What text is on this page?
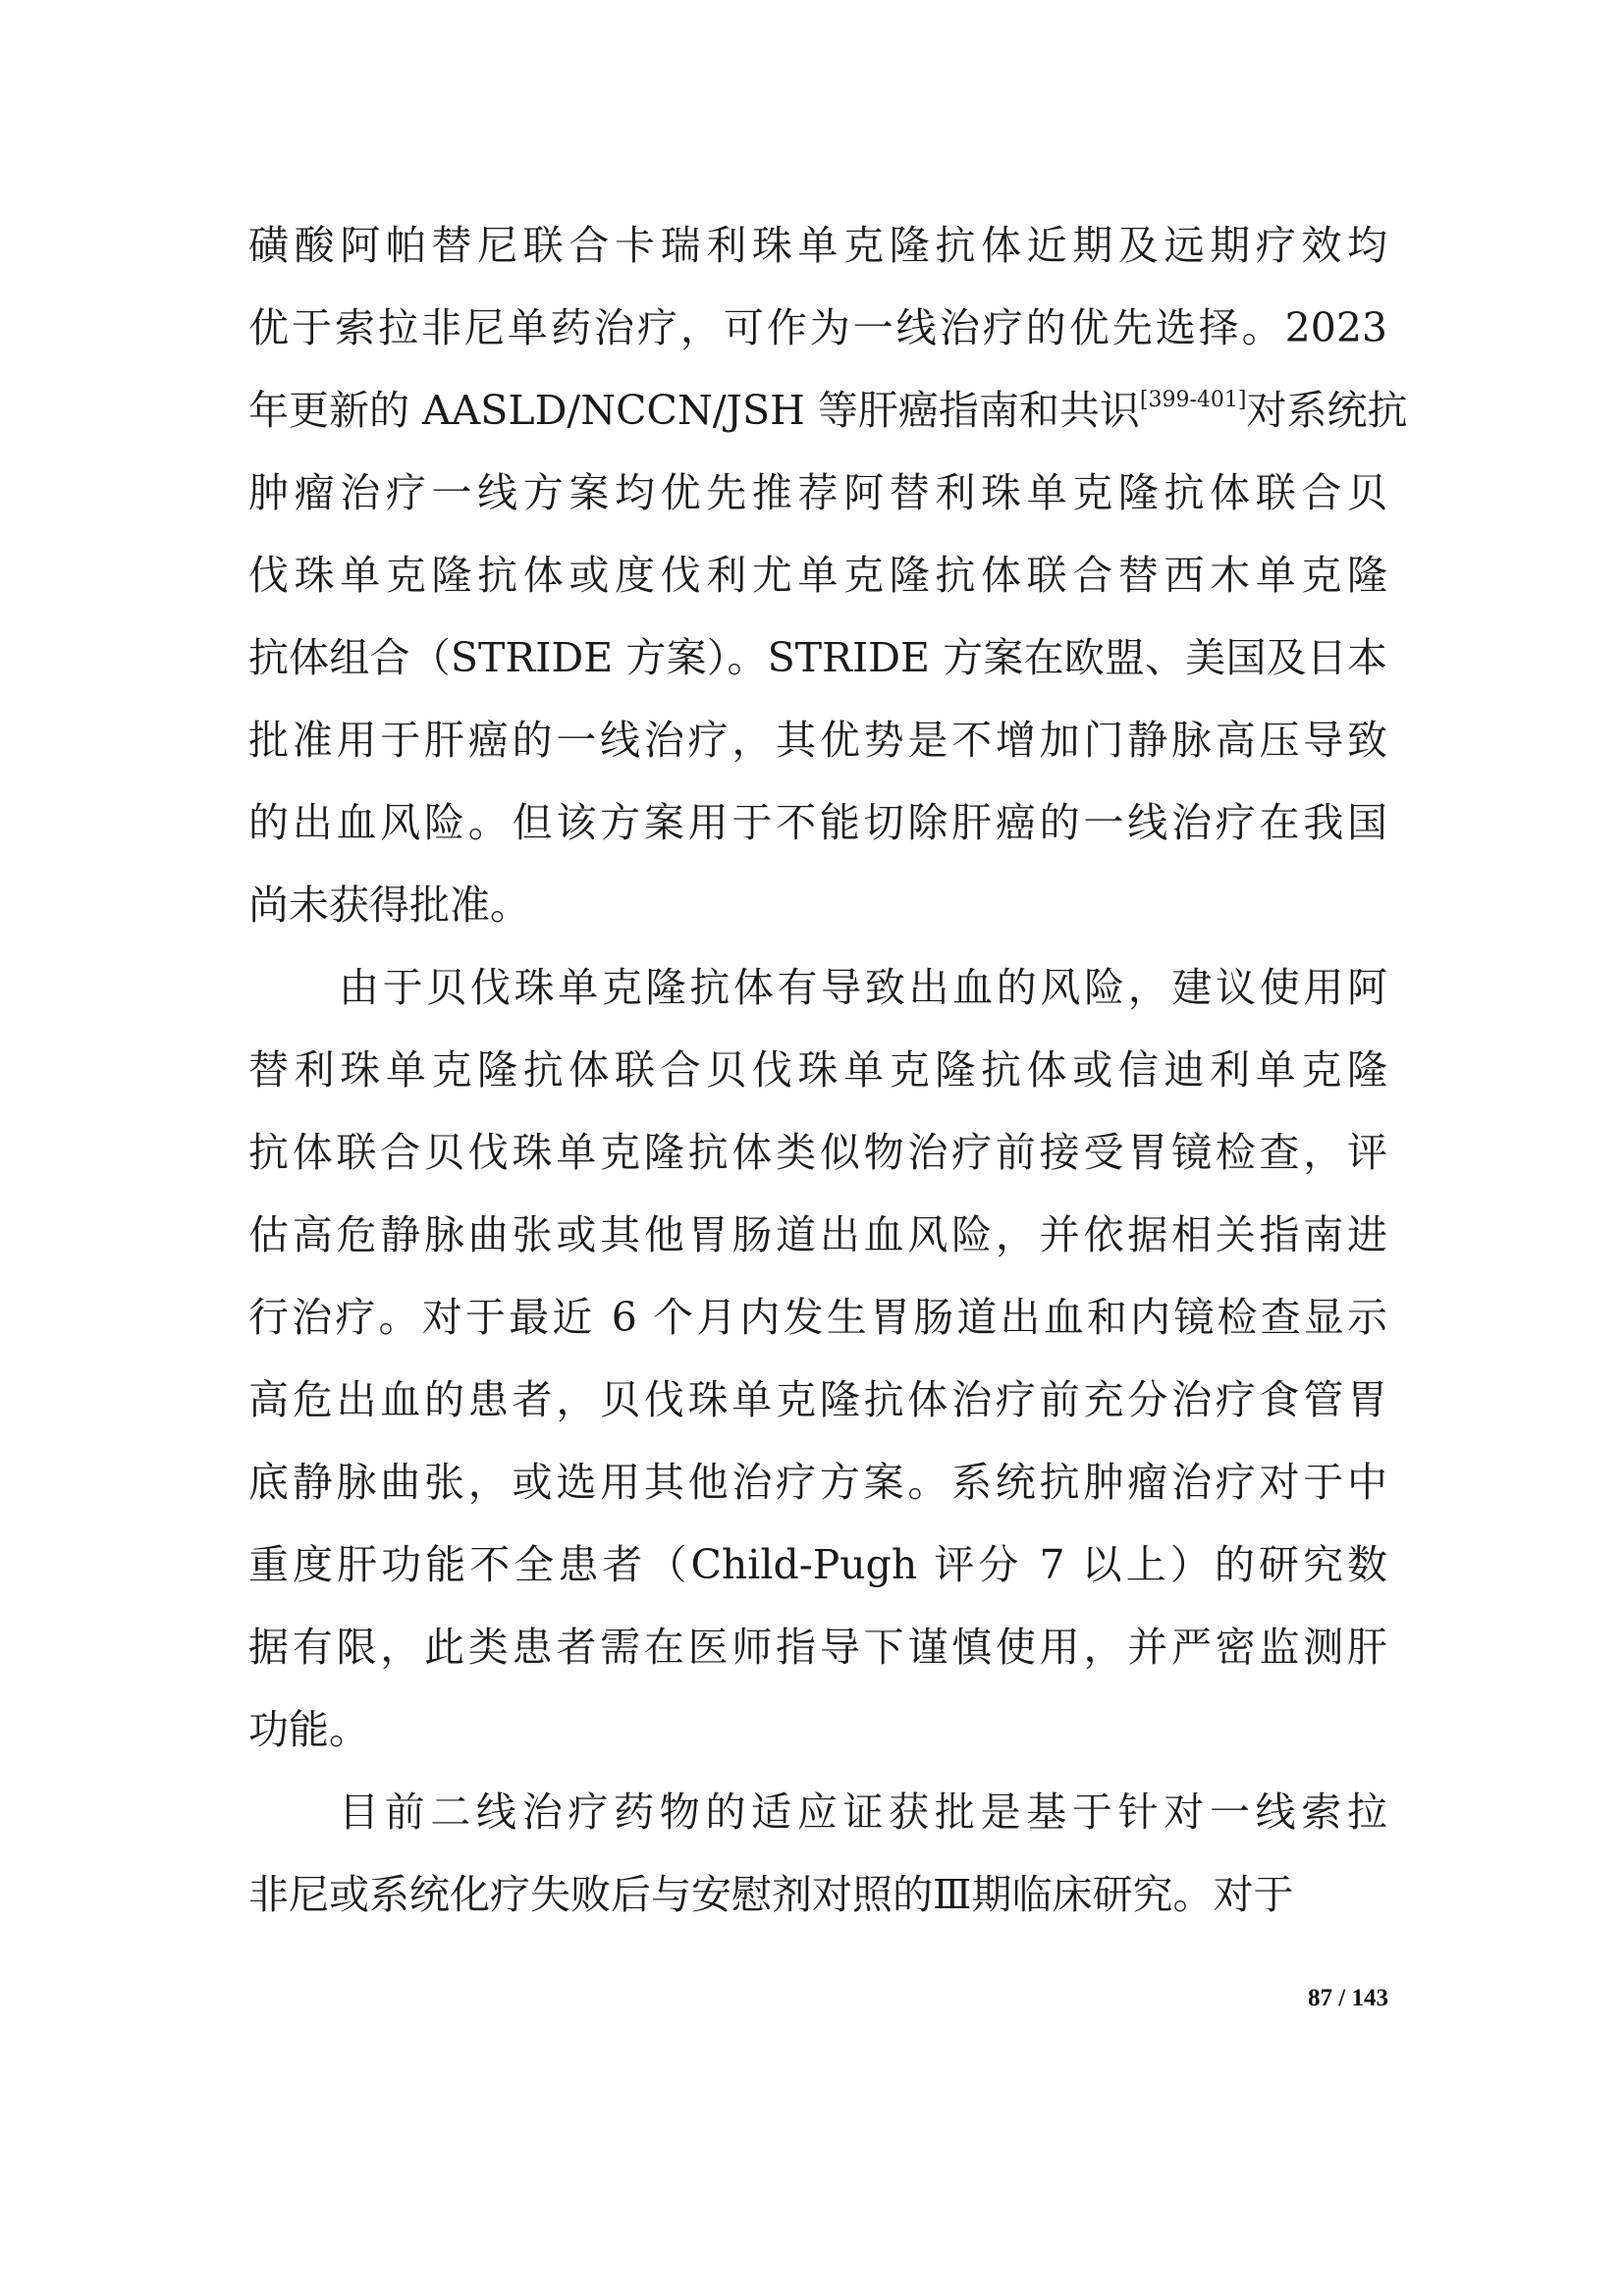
磺酸阿帕替尼联合卡瑞利珠单克隆抗体近期及远期疗效均
优于索拉非尼单药治疗，可作为一线治疗的优先选择。2023
年更新的 AASLD/NCCN/JSH 等肝癌指南和共识[399-401]对系统抗
肿瘤治疗一线方案均优先推荐阿替利珠单克隆抗体联合贝
伐珠单克隆抗体或度伐利尤单克隆抗体联合替西木单克隆
抗体组合（STRIDE 方案）。STRIDE 方案在欧盟、美国及日本
批准用于肝癌的一线治疗，其优势是不增加门静脉高压导致
的出血风险。但该方案用于不能切除肝癌的一线治疗在我国
尚未获得批准。
由于贝伐珠单克隆抗体有导致出血的风险，建议使用阿
替利珠单克隆抗体联合贝伐珠单克隆抗体或信迪利单克隆
抗体联合贝伐珠单克隆抗体类似物治疗前接受胃镜检查，评
估高危静脉曲张或其他胃肠道出血风险，并依据相关指南进
行治疗。对于最近 6 个月内发生胃肠道出血和内镜检查显示
高危出血的患者，贝伐珠单克隆抗体治疗前充分治疗食管胃
底静脉曲张，或选用其他治疗方案。系统抗肿瘤治疗对于中
重度肝功能不全患者（Child-Pugh 评分 7 以上）的研究数
据有限，此类患者需在医师指导下谨慎使用，并严密监测肝
功能。
目前二线治疗药物的适应证获批是基于针对一线索拉
非尼或系统化疗失败后与安慰剂对照的Ⅲ期临床研究。对于
87 / 143
